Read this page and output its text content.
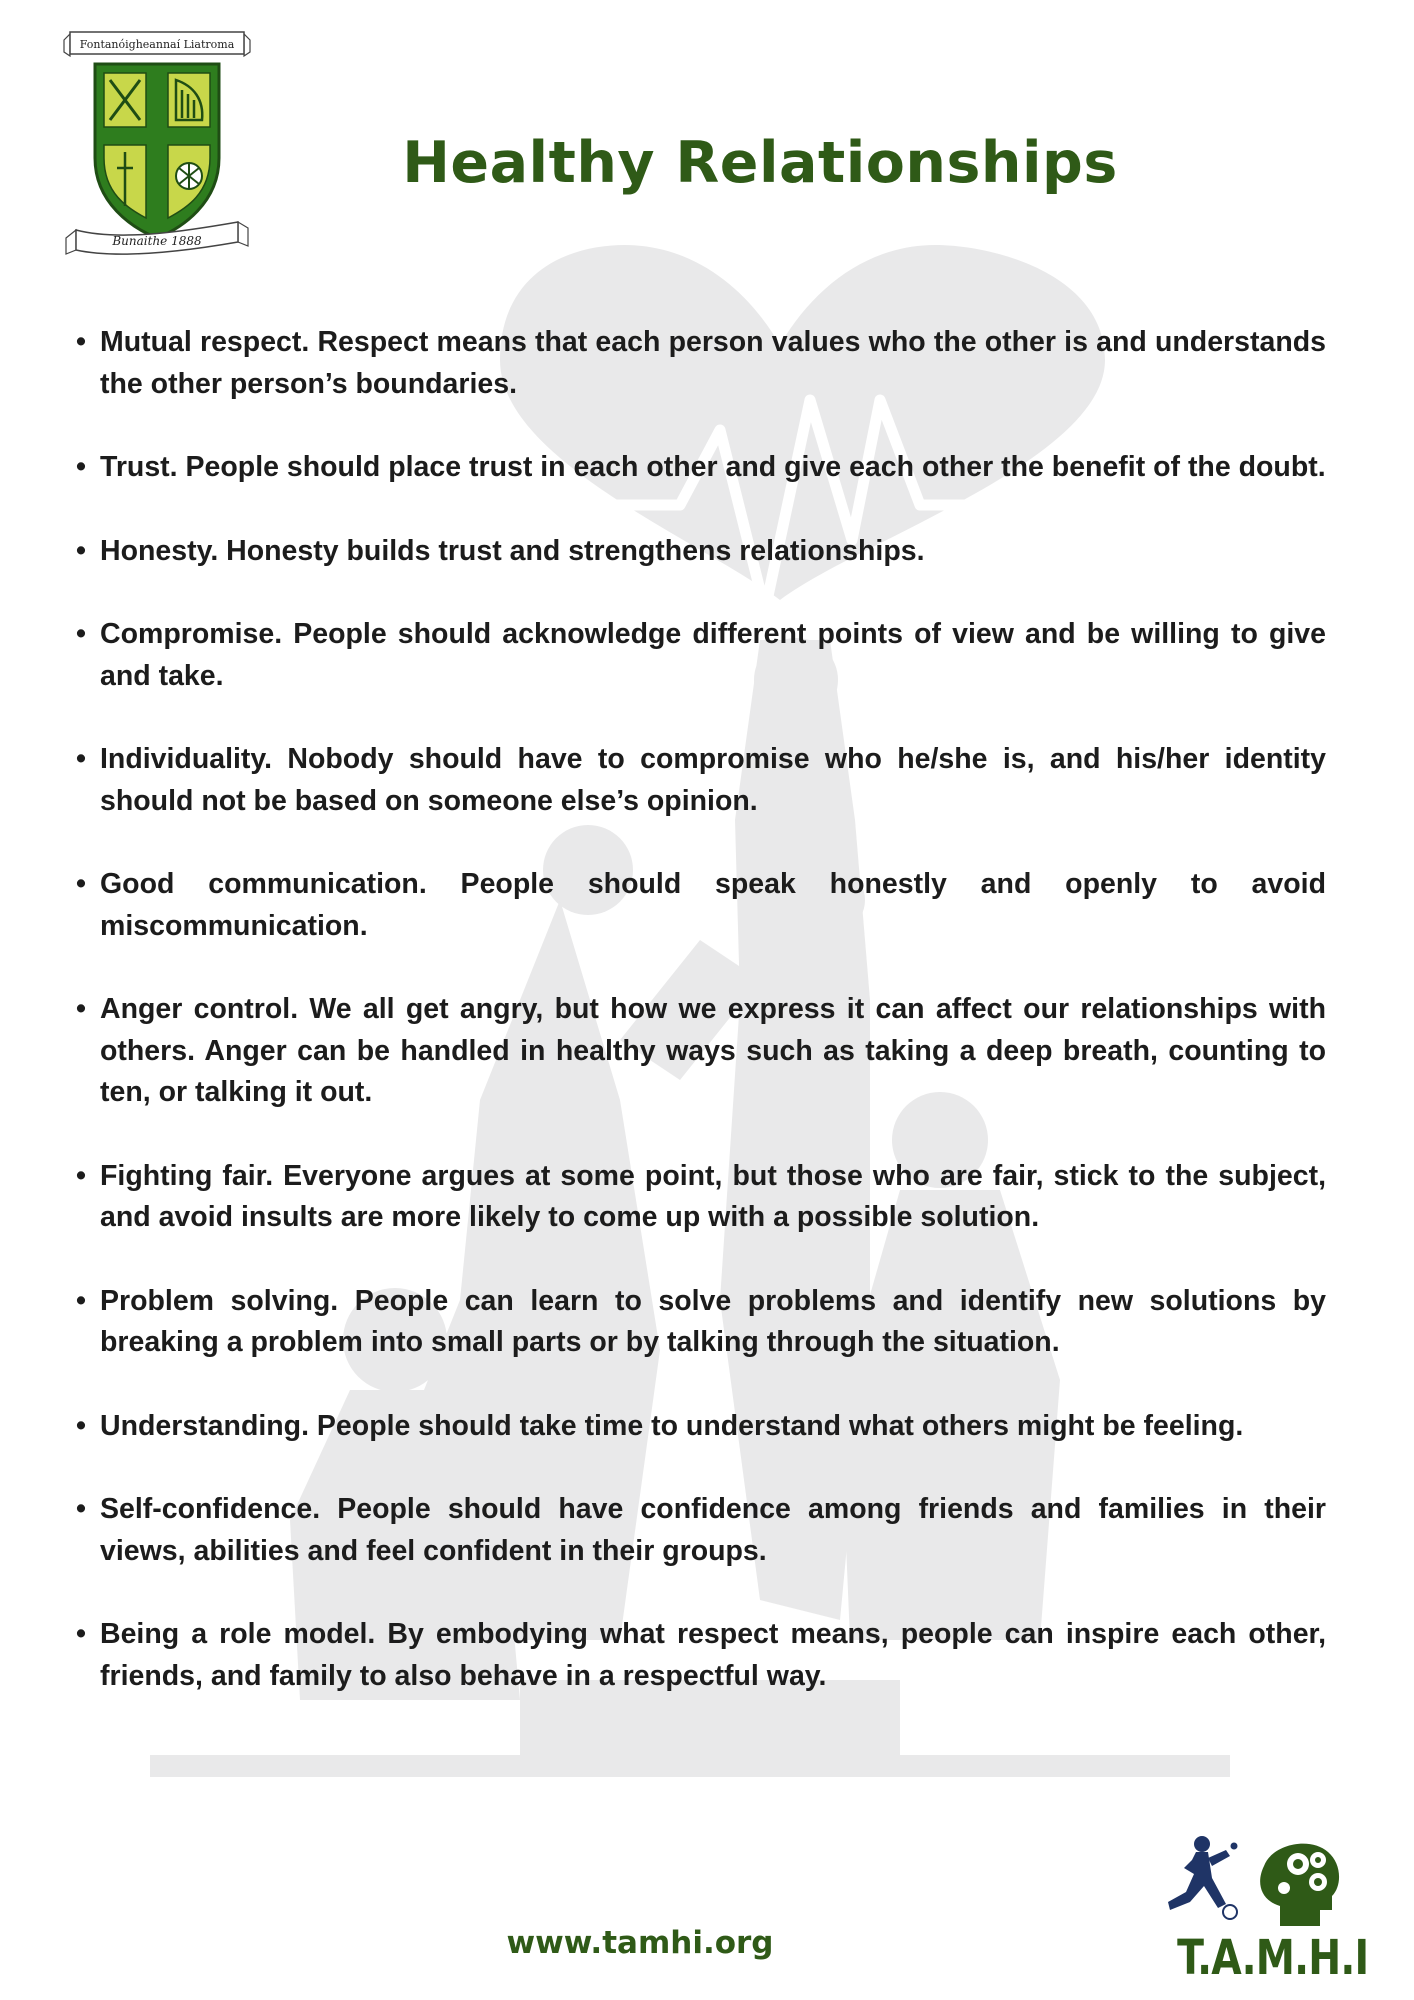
Fontanóigheannaí Liatroma
Bunaithe 1888
Healthy Relationships
• Mutual respect. Respect means that each person values who the other is and understands the other person’s boundaries.
• Trust. People should place trust in each other and give each other the benefit of the doubt.
• Honesty. Honesty builds trust and strengthens relationships.
• Compromise. People should acknowledge different points of view and be willing to give and take.
• Individuality. Nobody should have to compromise who he/she is, and his/her identity should not be based on someone else’s opinion.
• Good communication. People should speak honestly and openly to avoid miscommunication.
• Anger control. We all get angry, but how we express it can affect our relationships with others. Anger can be handled in healthy ways such as taking a deep breath, counting to ten, or talking it out.
• Fighting fair. Everyone argues at some point, but those who are fair, stick to the subject, and avoid insults are more likely to come up with a possible solution.
• Problem solving. People can learn to solve problems and identify new solutions by breaking a problem into small parts or by talking through the situation.
• Understanding. People should take time to understand what others might be feeling.
• Self-confidence. People should have confidence among friends and families in their views, abilities and feel confident in their groups.
• Being a role model. By embodying what respect means, people can inspire each other, friends, and family to also behave in a respectful way.
www.tamhi.org	T.A.M.H.I
